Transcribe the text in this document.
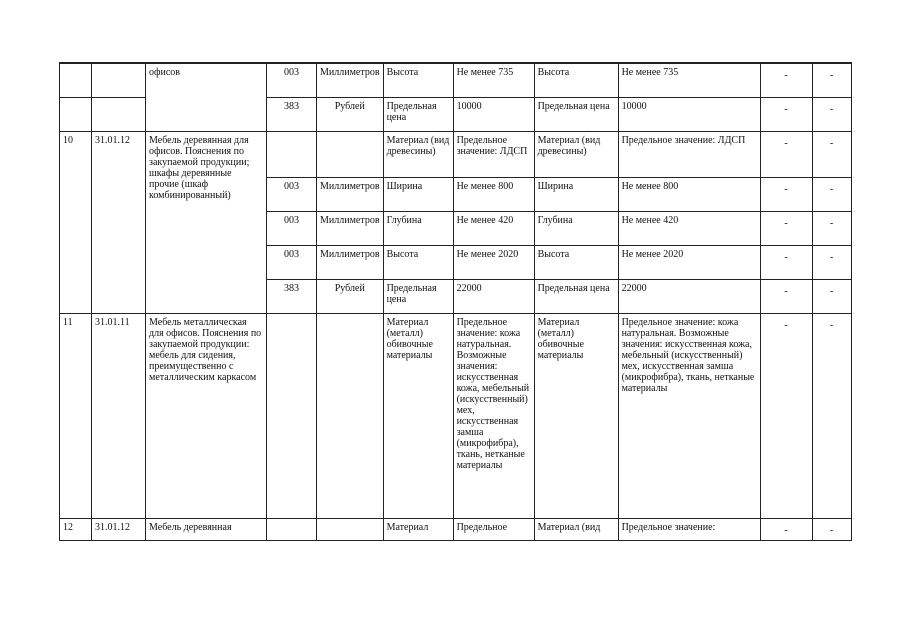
		офисов	003	Миллиметров	Высота	Не менее 735	Высота	Не менее 735	-	-
			383	Рублей	Предельная цена	10000	Предельная цена	10000	-	-
10	31.01.12	Мебель деревянная для офисов. Пояснения по закупаемой продукции; шкафы деревянные прочие (шкаф комбинированный)			Материал (вид древесины)	Предельное значение: ЛДСП	Материал (вид древесины)	Предельное значение: ЛДСП	-	-
			003	Миллиметров	Ширина	Не менее 800	Ширина	Не менее 800	-	-
			003	Миллиметров	Глубина	Не менее 420	Глубина	Не менее 420	-	-
			003	Миллиметров	Высота	Не менее 2020	Высота	Не менее 2020	-	-
			383	Рублей	Предельная цена	22000	Предельная цена	22000	-	-
11	31.01.11	Мебель металлическая для офисов. Пояснения по закупаемой продукции: мебель для сидения, преимущественно с металлическим каркасом			Материал (металл) обивочные материалы	Предельное значение: кожа натуральная. Возможные значения: искусственная кожа, мебельный (искусственный) мех, искусственная замша (микрофибра), ткань, нетканые материалы	Материал (металл) обивочные материалы	Предельное значение: кожа натуральная. Возможные значения: искусственная кожа, мебельный (искусственный) мех, искусственная замша (микрофибра), ткань, нетканые материалы	-	-
12	31.01.12	Мебель деревянная			Материал	Предельное	Материал (вид	Предельное значение:	-	-
